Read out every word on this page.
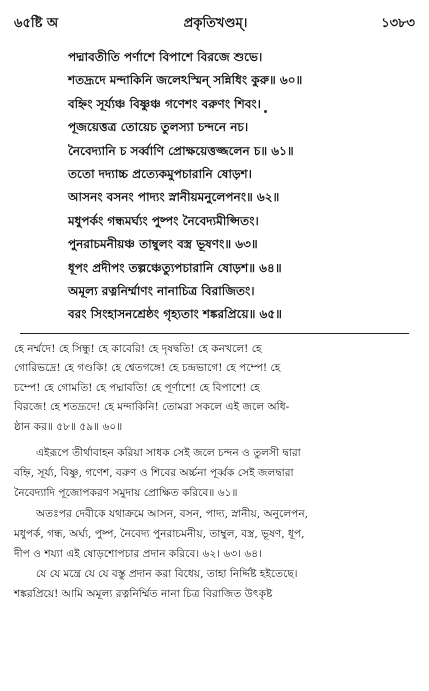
৬৫ষ্টি অ	প্রকৃতিখণ্ডম্।	১৩৮৩
পদ্মাবতীতি পর্ণাশে বিপাশে বিরজে শুভে।
শতদ্রূদে মন্দাকিনি জলেঽস্মিন্ সন্নিধিং কুরু॥ ৬০॥
বহ্নিং সূর্য্যঞ্চ বিষ্ণুঞ্চ গণেশং বরুণং শিবং।
পূজয়েত্তত্র তোয়েচ তুলস্যা চন্দনে নচ।
নৈবেদ্যানি চ সর্ব্বাণি প্রোক্ষয়েত্তজ্জলেন চ॥ ৬১॥
ততো দদ্যাচ্চ প্রত্যেকমুপচারানি ষোড়শ।
আসনং বসনং পাদ্যং স্নানীয়মনুলেপনং॥ ৬২॥
মধুপর্কং গন্ধমর্ঘ্যং পুষ্পং নৈবেদ্যমীপ্সিতং।
পুনরাচমনীয়ঞ্চ তাম্বুলং বস্ত্র ভূষণং॥ ৬৩॥
ধূপং প্রদীপং তল্পঞ্চেত্যুপচারানি ষোড়শ॥ ৬৪॥
অমূল্য রত্ননির্ম্মাণং নানাচিত্র বিরাজিতং।
বরং সিংহাসনশ্রেষ্ঠং গৃহ্যতাং শঙ্করপ্রিয়ে॥ ৬৫॥
হে নর্ম্মদে! হে সিন্ধু! হে কাবেরি! হে দৃষদ্বতি! হে কনখলে! হে
গোরিভদ্রে! হে গণ্ডকি! হে শ্বেতগঙ্গে! হে চন্দ্রভাগে! হে পম্পে! হে
চম্পে! হে গোমতি! হে পদ্মাবতি! হে পূর্ণাশে! হে বিপাশে! হে
বিরজে! হে শতদ্রূদে! হে মন্দাকিনি! তোমরা সকলে এই জলে অধি-
ষ্ঠান কর॥ ৫৮॥ ৫৯॥ ৬০॥
এইরূপে তীর্থাবাহন করিয়া সাধক সেই জলে চন্দন ও তুলসী দ্বারা
বহ্নি, সূর্য্য, বিষ্ণু, গণেশ, বরুণ ও শিবের অর্চ্চনা পূর্ব্বক সেই জলদ্বারা
নৈবেদ্যাদি পূজোপকরণ সমুদায় প্রোক্ষিত করিবে॥ ৬১॥
অতঃপর দেবীকে যথাক্রমে আসন, বসন, পাদ্য, স্নানীয়, অনুলেপন,
মধুপর্ক, গন্ধ, অর্ঘ্য, পুষ্প, নৈবেদ্য পুনরাচমনীয়, তাম্বুল, বস্ত্র, ভূষণ, ধূপ,
দীপ ও শয্যা এই ষোড়শোপচার প্রদান করিবে। ৬২। ৬৩। ৬৪।
যে যে মন্ত্রে যে যে বস্তু প্রদান করা বিধেয়, তাহা নির্দ্দিষ্ট হইতেছে।
শঙ্করপ্রিয়ে! আমি অমূল্য রত্ননির্ম্মিত নানা চিত্র বিরাজিত উৎকৃষ্ট
